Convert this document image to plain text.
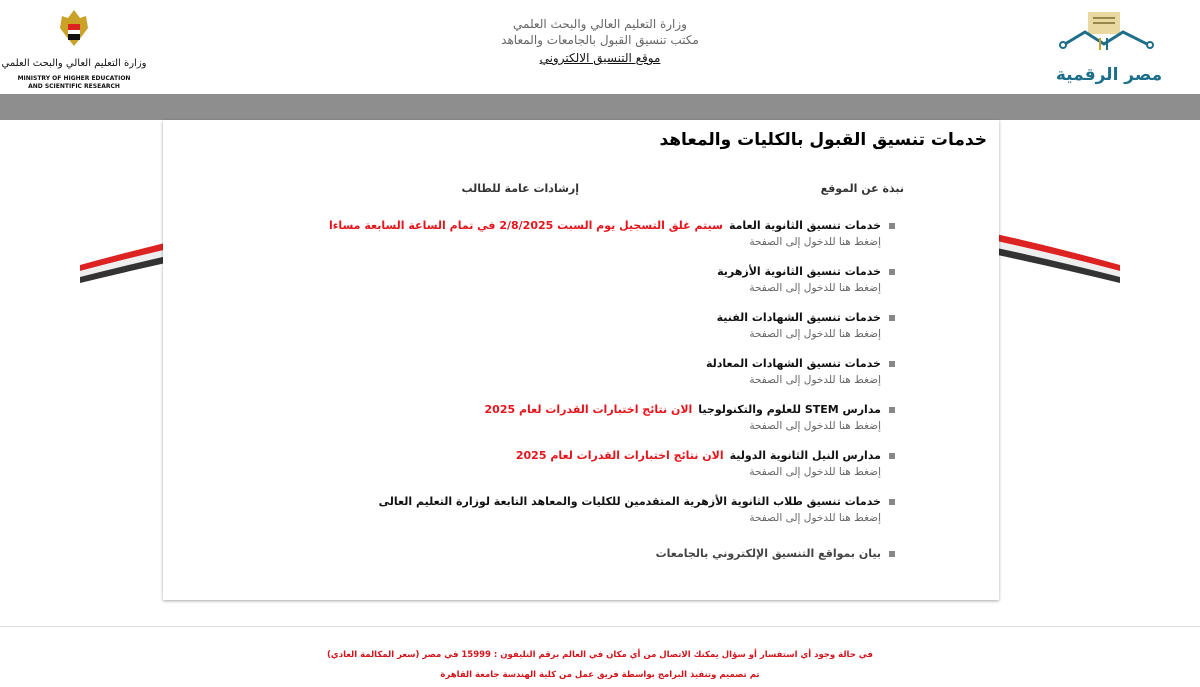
مصر الرقمية
وزارة التعليم العالي والبحث العلمي
MINISTRY OF HIGHER EDUCATION
AND SCIENTIFIC RESEARCH
وزارة التعليم العالي والبحث العلمي
مكتب تنسيق القبول بالجامعات والمعاهد
موقع التنسيق الالكتروني
خدمات تنسيق القبول بالكليات والمعاهد
نبذة عن الموقع
إرشادات عامة للطالب
خدمات تنسيق الثانوية العامةسيتم غلق التسجيل يوم السبت 2/8/2025 في تمام الساعة السابعة مساءا
إضغط هنا للدخول إلى الصفحة
خدمات تنسيق الثانوية الأزهرية
إضغط هنا للدخول إلى الصفحة
خدمات تنسيق الشهادات الفنية
إضغط هنا للدخول إلى الصفحة
خدمات تنسيق الشهادات المعادلة
إضغط هنا للدخول إلى الصفحة
مدارس STEM للعلوم والتكنولوجياالان نتائج اختبارات القدرات لعام 2025
إضغط هنا للدخول إلى الصفحة
مدارس النيل الثانوية الدوليةالان نتائج اختبارات القدرات لعام 2025
إضغط هنا للدخول إلى الصفحة
خدمات تنسيق طلاب الثانوية الأزهرية المتقدمين للكليات والمعاهد التابعة لوزارة التعليم العالى
إضغط هنا للدخول إلى الصفحة
بيان بمواقع التنسيق الإلكتروني بالجامعات
في حالة وجود أي استفسار أو سؤال يمكنك الاتصال من أي مكان في العالم برقم التليفون : 15999 في مصر (سعر المكالمة العادي)
تم تصميم وتنفيذ البرامج بواسطة فريق عمل من كلية الهندسة جامعة القاهرة
